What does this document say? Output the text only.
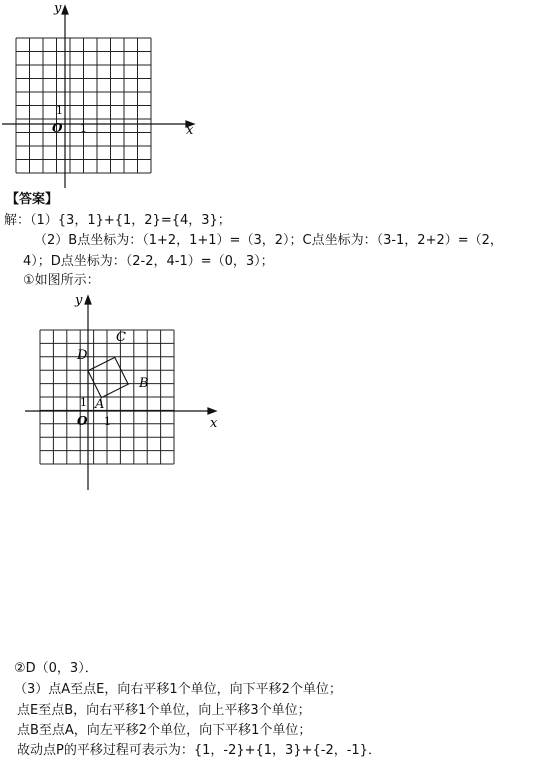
y
x
O 1
1
【答案】
解：（1）{3，1}+{1，2}={4，3}；
（2）B点坐标为：（1+2，1+1）=（3，2）；C点坐标为：（3-1，2+2）=（2，
4）；D点坐标为：（2-2，4-1）=（0，3）；
①如图所示：
y
x
O 1
1 A
B
C
D
②D（0，3）．
（3）点A至点E，向右平移1个单位，向下平移2个单位；
点E至点B，向右平移1个单位，向上平移3个单位；
点B至点A，向左平移2个单位，向下平移1个单位；
故动点P的平移过程可表示为：{1，-2}+{1，3}+{-2，-1}．
